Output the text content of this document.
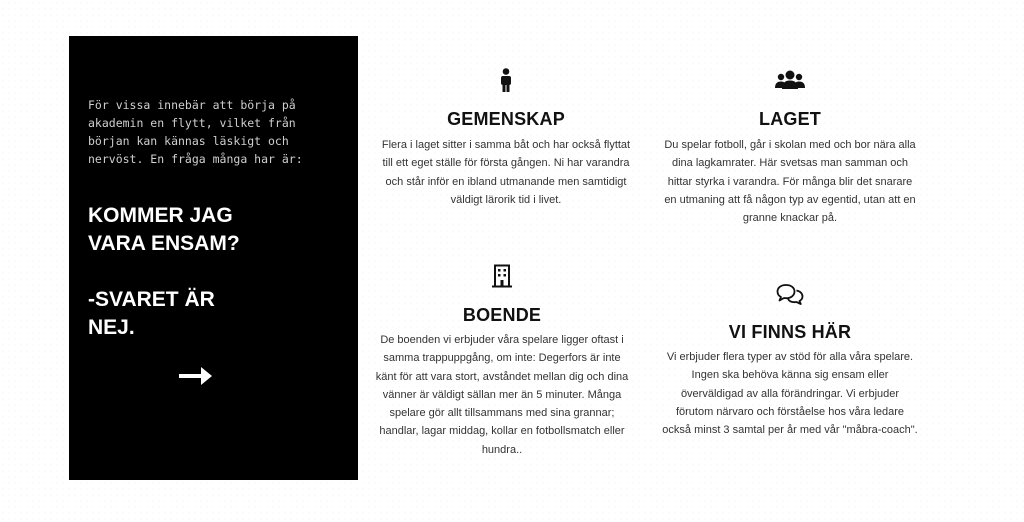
För vissa innebär att börja på akademin en flytt, vilket från början kan kännas läskigt och nervöst. En fråga många har är:

KOMMER JAG
VARA ENSAM?
-SVARET ÄR
NEJ.
GEMENSKAP

Flera i laget sitter i samma båt och har också flyttat till ett eget ställe för första gången. Ni har varandra och står inför en ibland utmanande men samtidigt väldigt lärorik tid i livet.

LAGET

Du spelar fotboll, går i skolan med och bor nära alla dina lagkamrater. Här svetsas man samman och hittar styrka i varandra. För många blir det snarare en utmaning att få någon typ av egentid, utan att en granne knackar på.

BOENDE

De boenden vi erbjuder våra spelare ligger oftast i samma trappuppgång, om inte: Degerfors är inte känt för att vara stort, avståndet mellan dig och dina vänner är väldigt sällan mer än 5 minuter. Många spelare gör allt tillsammans med sina grannar; handlar, lagar middag, kollar en fotbollsmatch eller hundra..

VI FINNS HÄR

Vi erbjuder flera typer av stöd för alla våra spelare. Ingen ska behöva känna sig ensam eller överväldigad av alla förändringar. Vi erbjuder förutom närvaro och förståelse hos våra ledare också minst 3 samtal per år med vår "måbra-coach".
